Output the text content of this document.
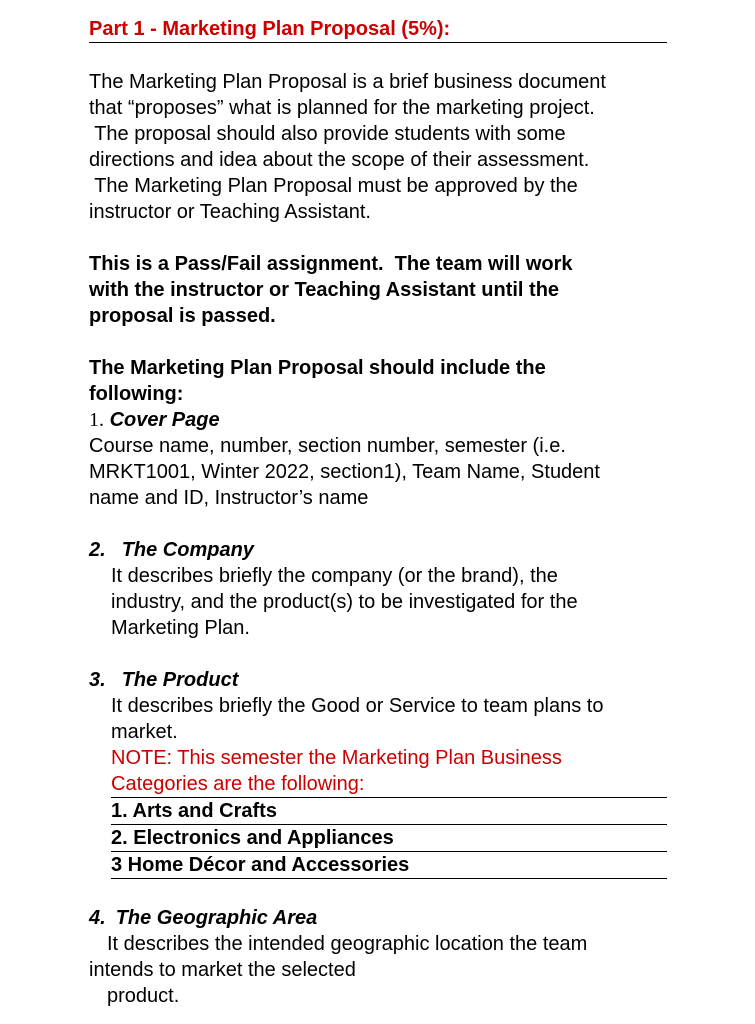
Part 1 - Marketing Plan Proposal (5%):

The Marketing Plan Proposal is a brief business document

that “proposes” what is planned for the marketing project.

The proposal should also provide students with some

directions and idea about the scope of their assessment.

The Marketing Plan Proposal must be approved by the

instructor or Teaching Assistant.

This is a Pass/Fail assignment.  The team will work

with the instructor or Teaching Assistant until the

proposal is passed.

The Marketing Plan Proposal should include the

following:

1. Cover Page

Course name, number, section number, semester (i.e.

MRKT1001, Winter 2022, section1), Team Name, Student

name and ID, Instructor’s name

2. The Company

It describes briefly the company (or the brand), the

industry, and the product(s) to be investigated for the

Marketing Plan.

3. The Product

It describes briefly the Good or Service to team plans to

market.

NOTE: This semester the Marketing Plan Business

Categories are the following:

1. Arts and Crafts
2. Electronics and Appliances
3 Home Décor and Accessories

4. The Geographic Area

It describes the intended geographic location the team

intends to market the selected

product.
